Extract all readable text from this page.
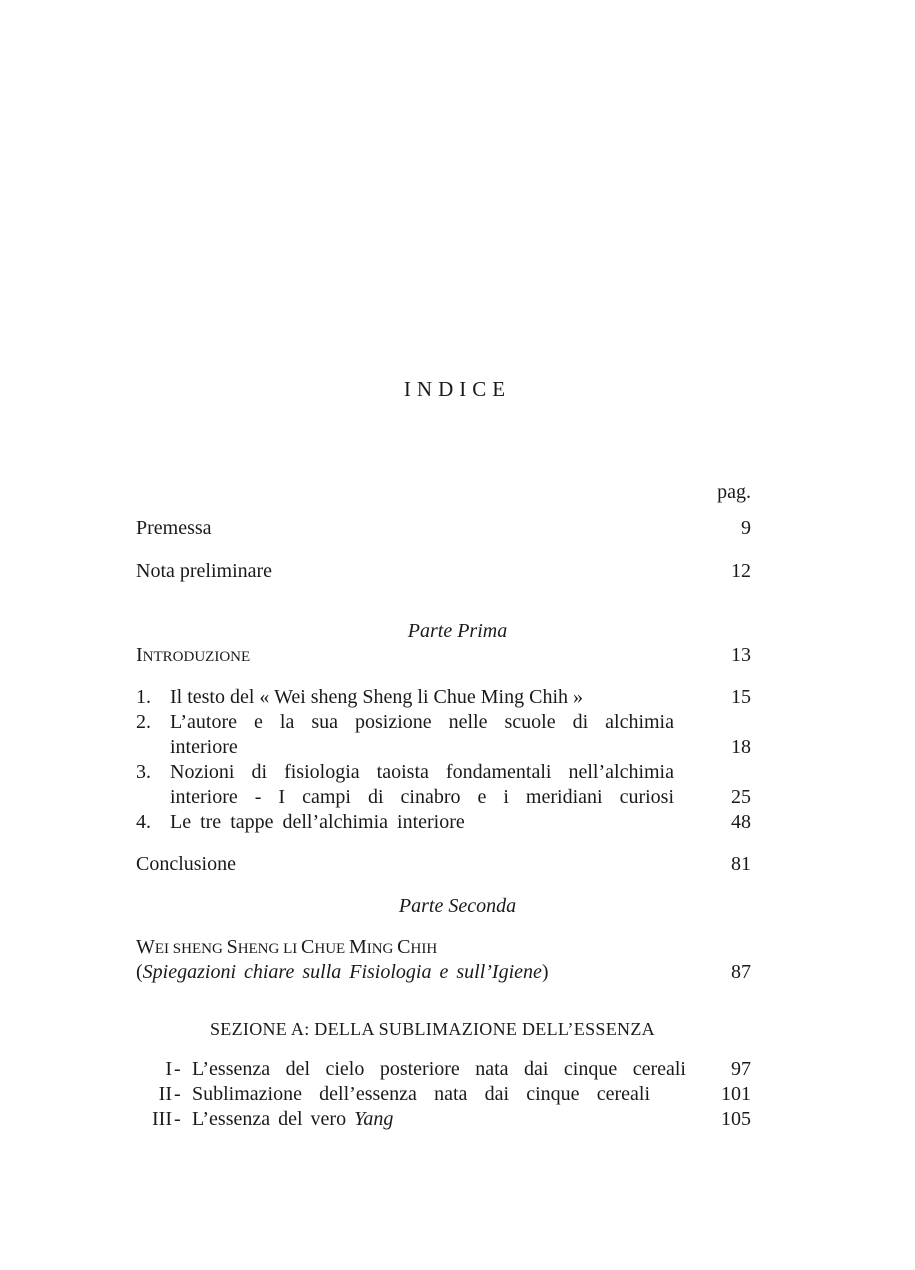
INDICE
pag.
Premessa	9
Nota preliminare	12
Parte Prima
INTRODUZIONE	13
1. Il testo del « Wei sheng Sheng li Chue Ming Chih »	15
2. L’autore e la sua posizione nelle scuole di alchimia
interiore	18
3. Nozioni di fisiologia taoista fondamentali nell’alchimia
interiore - I campi di cinabro e i meridiani curiosi	25
4. Le tre tappe dell’alchimia interiore	48
Conclusione	81
Parte Seconda
WEI SHENG SHENG LI CHUE MING CHIH
(Spiegazioni chiare sulla Fisiologia e sull’Igiene)	87
SEZIONE A: DELLA SUBLIMAZIONE DELL’ESSENZA
I - L’essenza del cielo posteriore nata dai cinque cereali	97
II - Sublimazione dell’essenza nata dai cinque cereali	101
III - L’essenza del vero Yang	105
